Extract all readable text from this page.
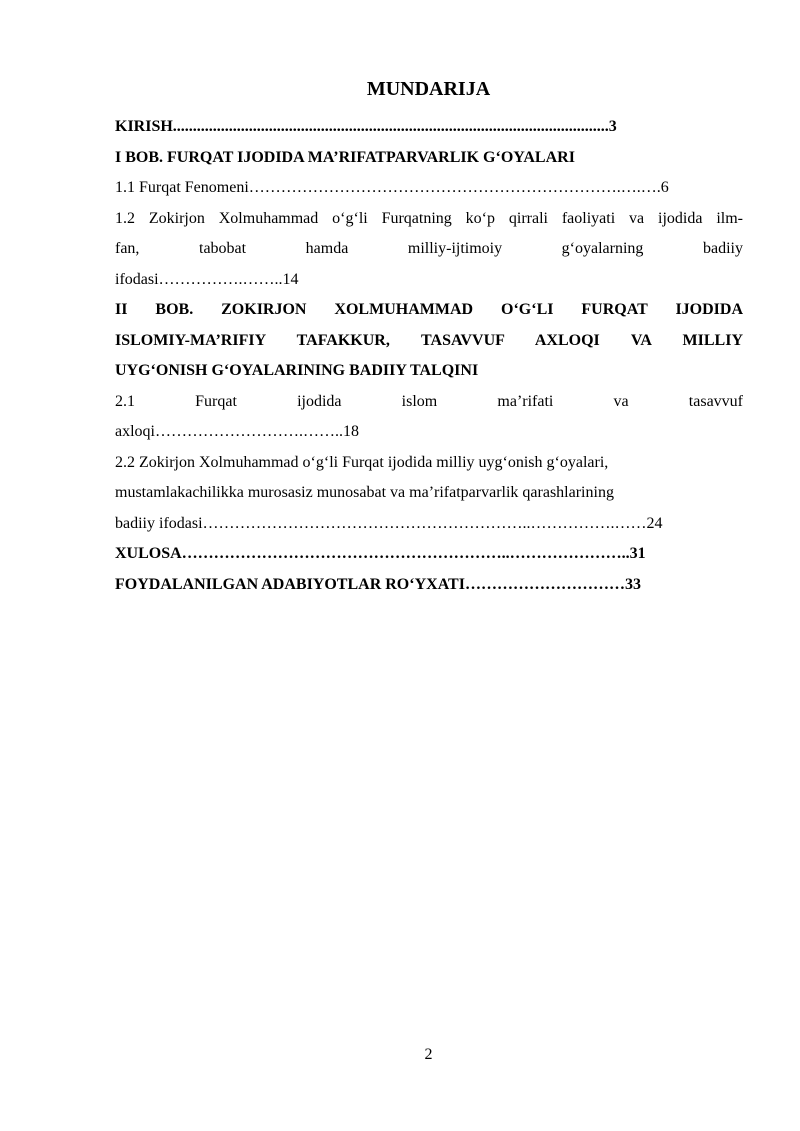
MUNDARIJA
KIRISH.............................................................................................................3
I BOB. FURQAT IJODIDA MA’RIFATPARVARLIK G‘OYALARI
1.1 Furqat Fenomeni…………………………………………………………….….….6
1.2 Zokirjon Xolmuhammad o‘g‘li Furqatning ko‘p qirrali faoliyati va ijodida ilm-
fan, tabobat hamda milliy-ijtimoiy g‘oyalarning badiiy
ifodasi…………….……..14
II BOB. ZOKIRJON XOLMUHAMMAD O‘G‘LI FURQAT IJODIDA
ISLOMIY-MA’RIFIY TAFAKKUR, TASAVVUF AXLOQI VA MILLIY
UYG‘ONISH G‘OYALARINING BADIIY TALQINI
2.1 Furqat ijodida islom ma’rifati va tasavvuf
axloqi……………………….……..18
2.2 Zokirjon Xolmuhammad o‘g‘li Furqat ijodida milliy uyg‘onish g‘oyalari,
mustamlakachilikka murosasiz munosabat va ma’rifatparvarlik qarashlarining
badiiy ifodasi……………………………………………………..…………….……24
XULOSA……………………………………………………..…………………..31
FOYDALANILGAN ADABIYOTLAR RO‘YXATI…………………………33
2
